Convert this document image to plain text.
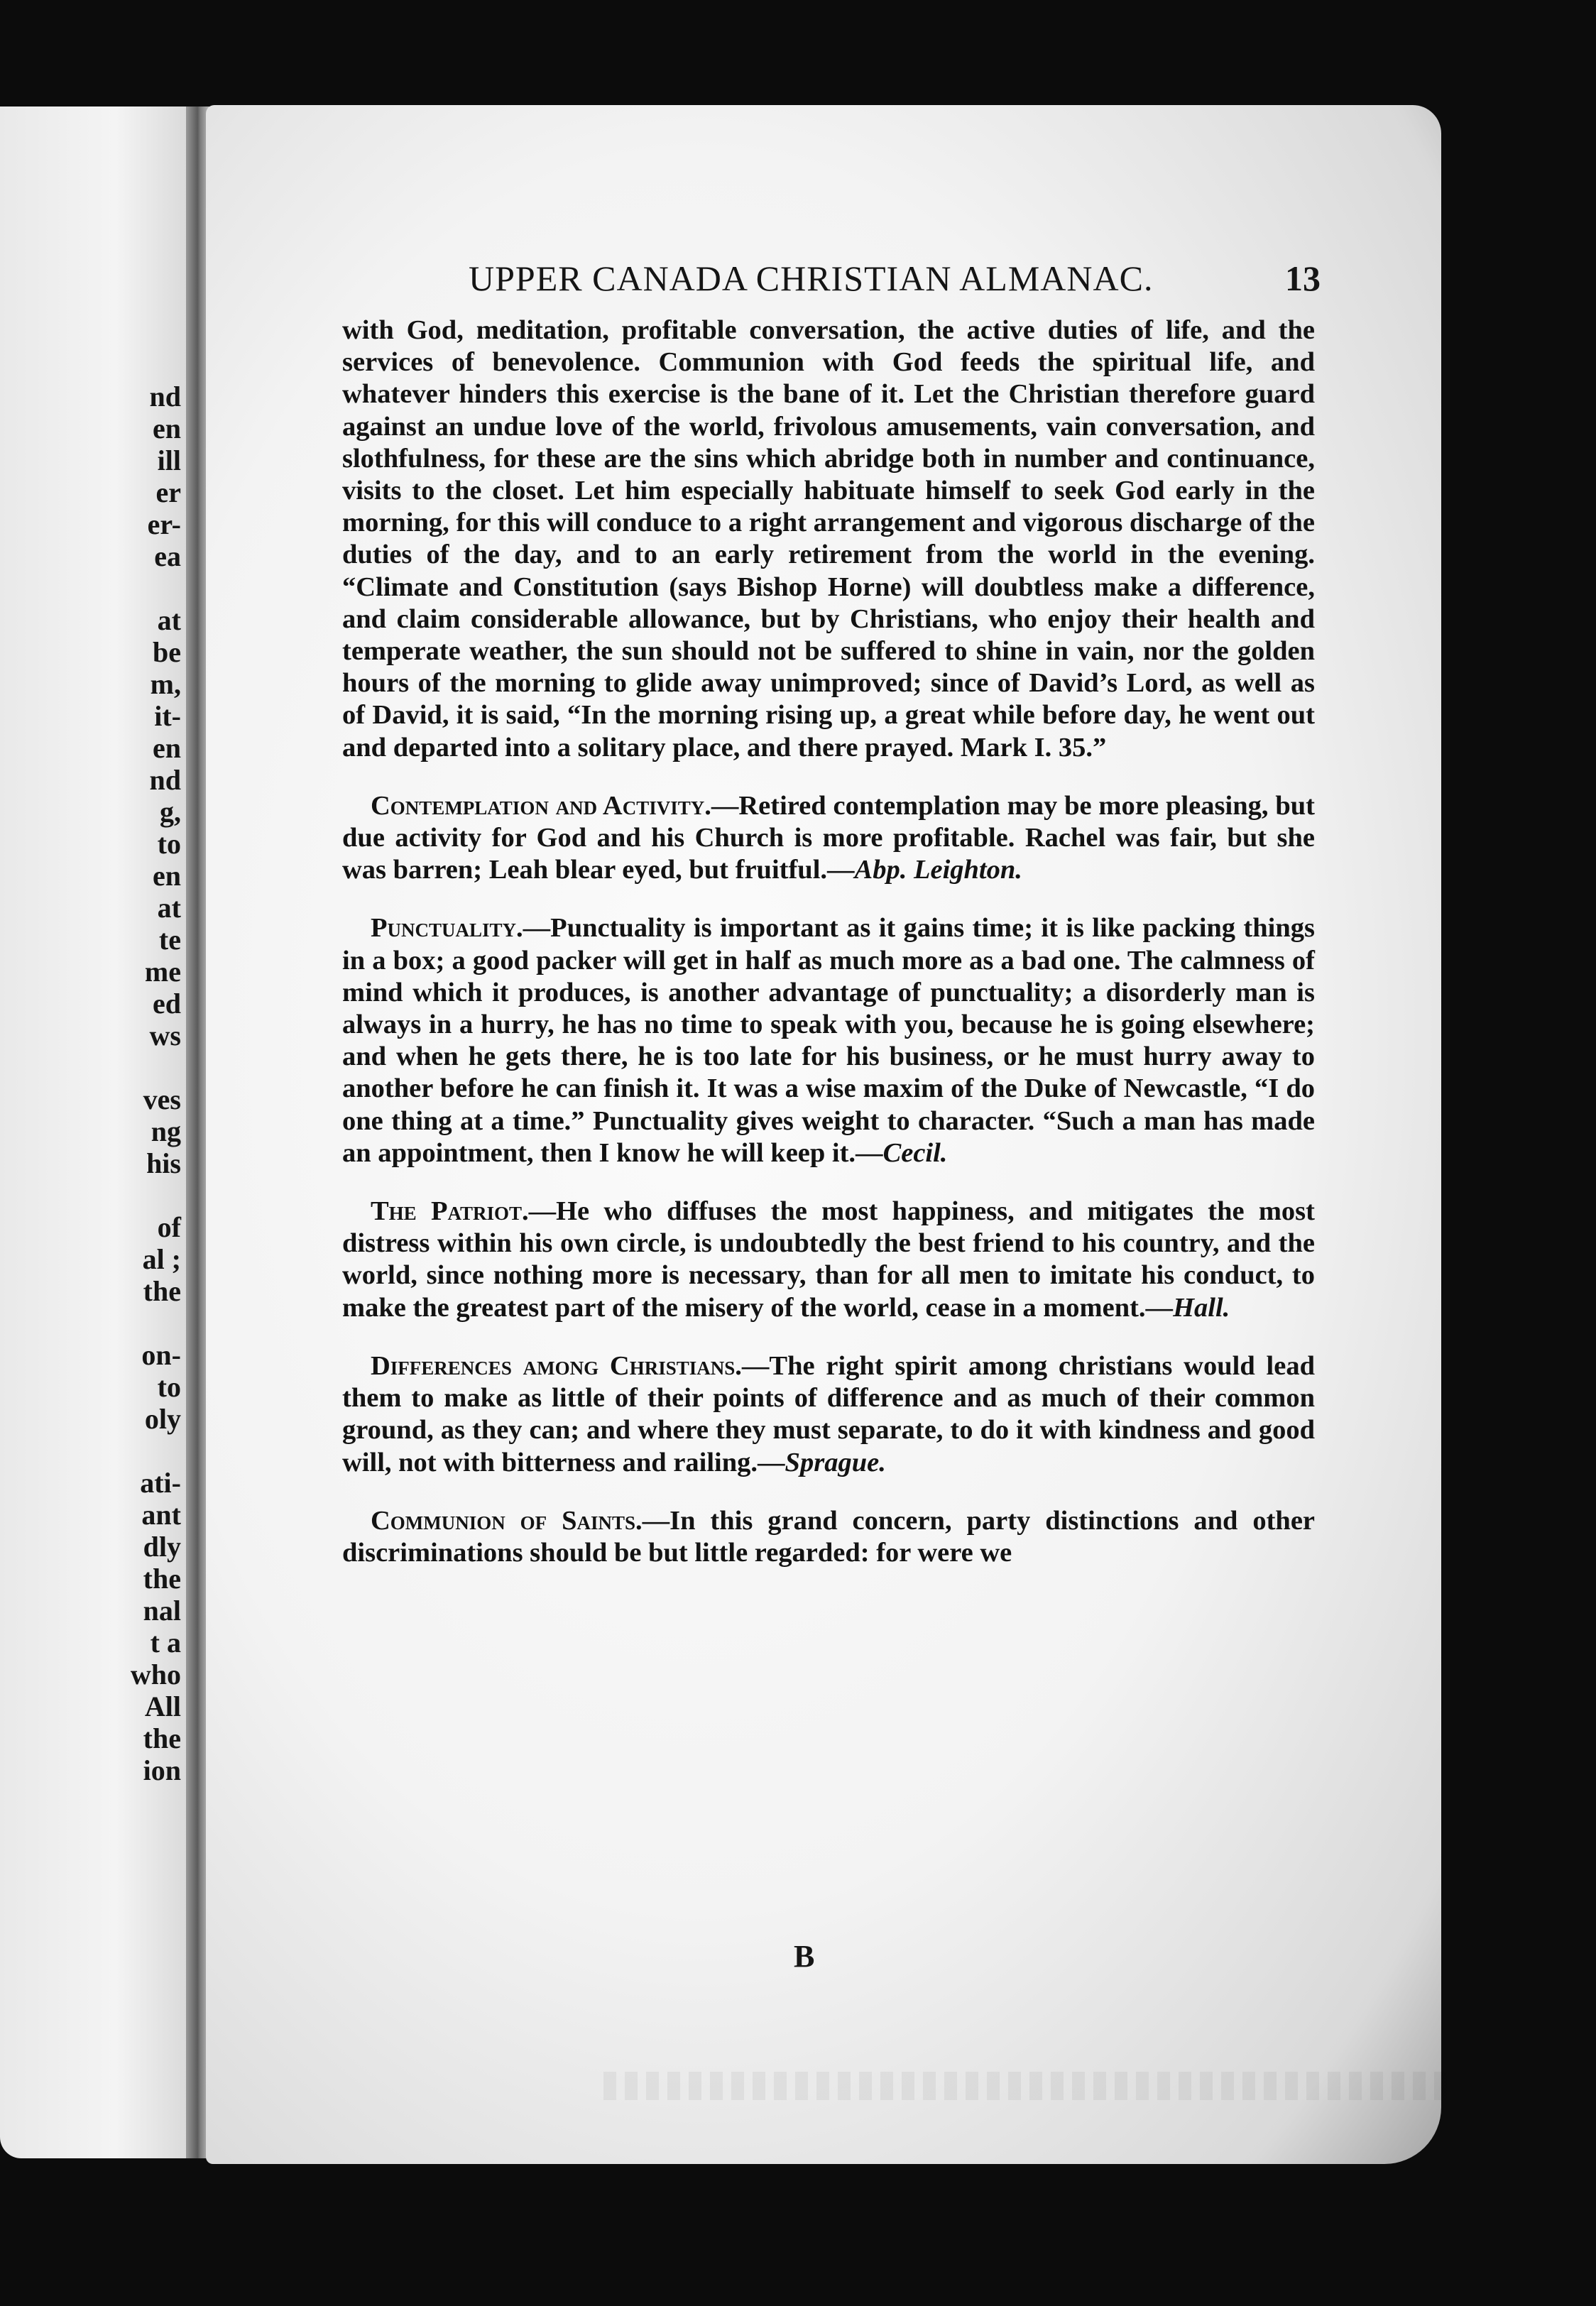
nd
en
ill
er
er-
ea
at
be
m,
it-
en
nd
g,
to
en
at
te
me
ed
ws
ves
ng
his
of
al ;
the
on-
to
oly
ati-
ant
dly
the
nal
t a
who
All
the
ion
UPPER CANADA CHRISTIAN ALMANAC.	13

with God, meditation, profitable conversation, the active duties of life, and the services of benevolence. Communion with God feeds the spiritual life, and whatever hinders this exercise is the bane of it. Let the Christian therefore guard against an undue love of the world, frivolous amusements, vain conversation, and slothfulness, for these are the sins which abridge both in number and continuance, visits to the closet. Let him especially habituate himself to seek God early in the morning, for this will conduce to a right arrangement and vigorous discharge of the duties of the day, and to an early retirement from the world in the evening. “Climate and Constitution (says Bishop Horne) will doubtless make a difference, and claim considerable allowance, but by Christians, who enjoy their health and temperate weather, the sun should not be suffered to shine in vain, nor the golden hours of the morning to glide away unimproved; since of David’s Lord, as well as of David, it is said, “In the morning rising up, a great while before day, he went out and departed into a solitary place, and there prayed. Mark I. 35.”

Contemplation and Activity.—Retired contemplation may be more pleasing, but due activity for God and his Church is more profitable. Rachel was fair, but she was barren; Leah blear eyed, but fruitful.—Abp. Leighton.

Punctuality.—Punctuality is important as it gains time; it is like packing things in a box; a good packer will get in half as much more as a bad one. The calmness of mind which it produces, is another advantage of punctuality; a disorderly man is always in a hurry, he has no time to speak with you, because he is going elsewhere; and when he gets there, he is too late for his business, or he must hurry away to another before he can finish it. It was a wise maxim of the Duke of Newcastle, “I do one thing at a time.” Punctuality gives weight to character. “Such a man has made an appointment, then I know he will keep it.—Cecil.

The Patriot.—He who diffuses the most happiness, and mitigates the most distress within his own circle, is undoubtedly the best friend to his country, and the world, since nothing more is necessary, than for all men to imitate his conduct, to make the greatest part of the misery of the world, cease in a moment.—Hall.

Differences among Christians.—The right spirit among christians would lead them to make as little of their points of difference and as much of their common ground, as they can; and where they must separate, to do it with kindness and good will, not with bitterness and railing.—Sprague.

Communion of Saints.—In this grand concern, party distinctions and other discriminations should be but little regarded: for were we

B
